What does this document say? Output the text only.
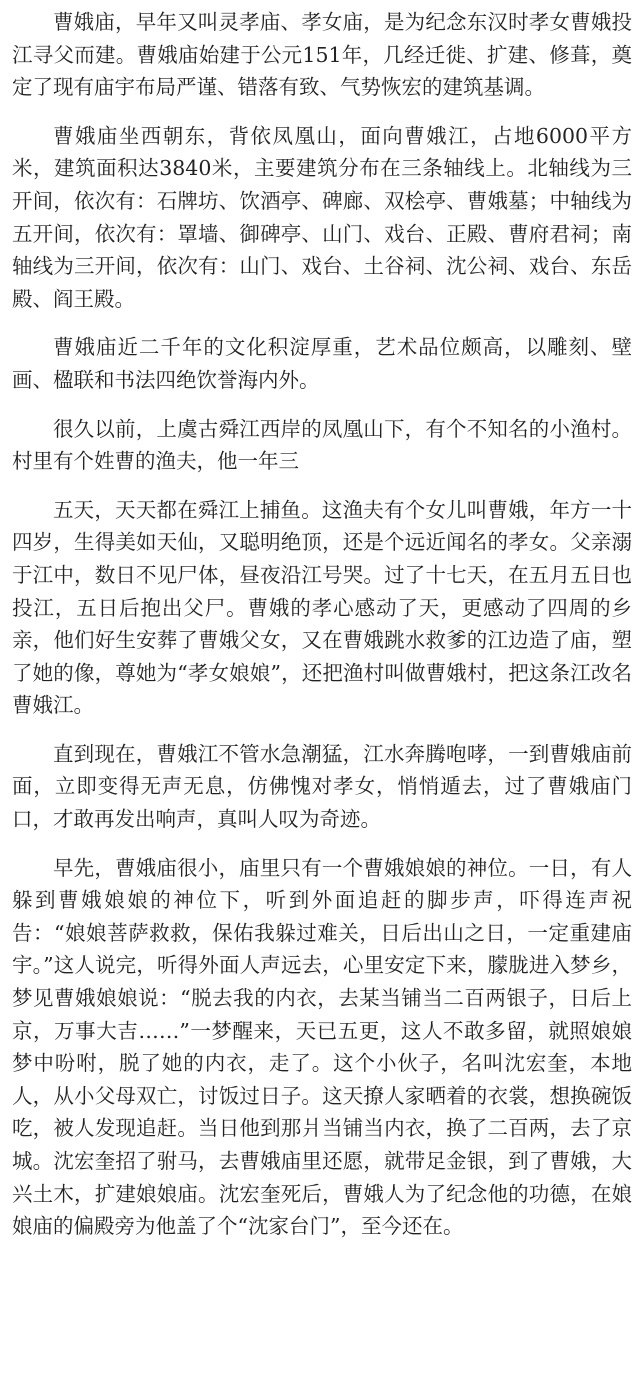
曹娥庙，早年又叫灵孝庙、孝女庙，是为纪念东汉时孝女曹娥投江寻父而建。曹娥庙始建于公元151年，几经迁徙、扩建、修葺，奠定了现有庙宇布局严谨、错落有致、气势恢宏的建筑基调。

曹娥庙坐西朝东，背依凤凰山，面向曹娥江，占地6000平方米，建筑面积达3840米，主要建筑分布在三条轴线上。北轴线为三开间，依次有：石牌坊、饮酒亭、碑廊、双桧亭、曹娥墓；中轴线为五开间，依次有：罩墙、御碑亭、山门、戏台、正殿、曹府君祠；南轴线为三开间，依次有：山门、戏台、土谷祠、沈公祠、戏台、东岳殿、阎王殿。

曹娥庙近二千年的文化积淀厚重，艺术品位颇高，以雕刻、壁画、楹联和书法四绝饮誉海内外。

很久以前，上虞古舜江西岸的凤凰山下，有个不知名的小渔村。村里有个姓曹的渔夫，他一年三

五天，天天都在舜江上捕鱼。这渔夫有个女儿叫曹娥，年方一十四岁，生得美如天仙，又聪明绝顶，还是个远近闻名的孝女。父亲溺于江中，数日不见尸体，昼夜沿江号哭。过了十七天，在五月五日也投江，五日后抱出父尸。曹娥的孝心感动了天，更感动了四周的乡亲，他们好生安葬了曹娥父女，又在曹娥跳水救爹的江边造了庙，塑了她的像，尊她为“孝女娘娘”，还把渔村叫做曹娥村，把这条江改名曹娥江。

直到现在，曹娥江不管水急潮猛，江水奔腾咆哮，一到曹娥庙前面，立即变得无声无息，仿佛愧对孝女，悄悄遁去，过了曹娥庙门口，才敢再发出响声，真叫人叹为奇迹。

早先，曹娥庙很小，庙里只有一个曹娥娘娘的神位。一日，有人躲到曹娥娘娘的神位下，听到外面追赶的脚步声，吓得连声祝告：“娘娘菩萨救救，保佑我躲过难关，日后出山之日，一定重建庙宇。”这人说完，听得外面人声远去，心里安定下来，朦胧进入梦乡，梦见曹娥娘娘说：“脱去我的内衣，去某当铺当二百两银子，日后上京，万事大吉……”一梦醒来，天已五更，这人不敢多留，就照娘娘梦中吩咐，脱了她的内衣，走了。这个小伙子，名叫沈宏奎，本地人，从小父母双亡，讨饭过日子。这天撩人家晒着的衣裳，想换碗饭吃，被人发现追赶。当日他到那爿当铺当内衣，换了二百两，去了京城。沈宏奎招了驸马，去曹娥庙里还愿，就带足金银，到了曹娥，大兴土木，扩建娘娘庙。沈宏奎死后，曹娥人为了纪念他的功德，在娘娘庙的偏殿旁为他盖了个“沈家台门”，至今还在。
